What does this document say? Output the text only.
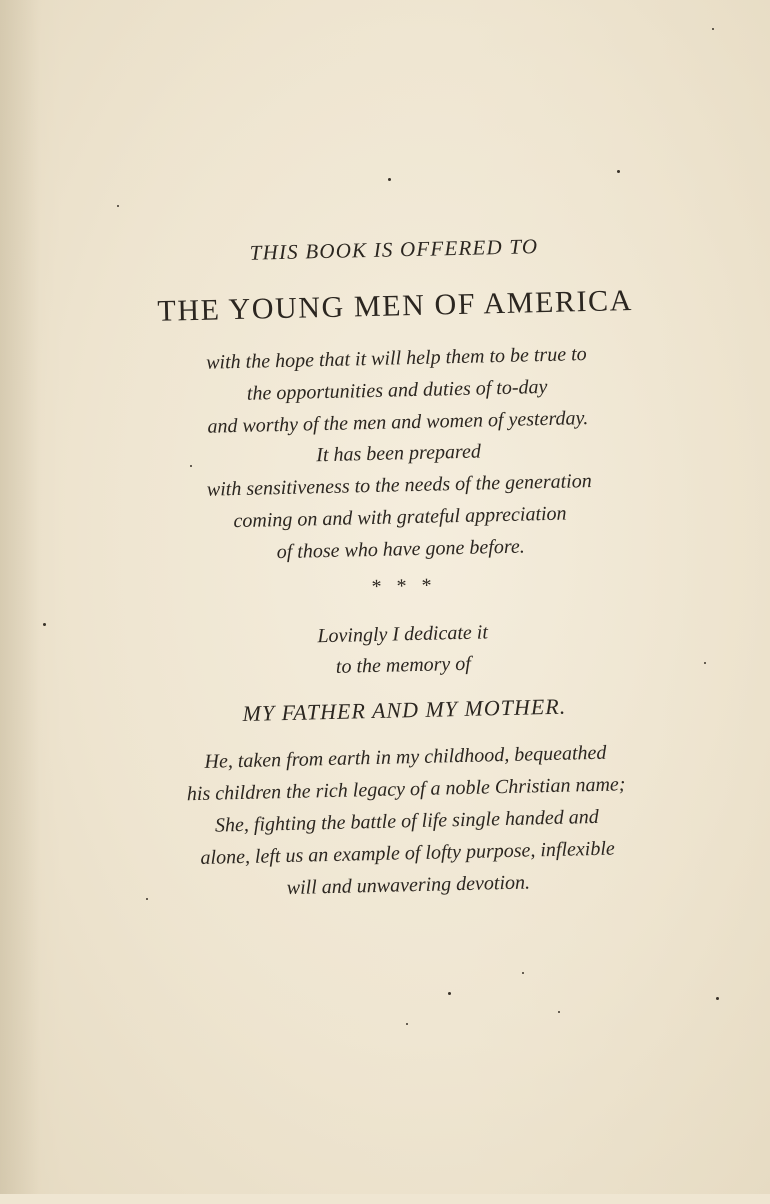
THIS BOOK IS OFFERED TO
THE YOUNG MEN OF AMERICA
with the hope that it will help them to be true to
the opportunities and duties of to-day
and worthy of the men and women of yesterday.
It has been prepared
with sensitiveness to the needs of the generation
coming on and with grateful appreciation
of those who have gone before.
*   *   *
Lovingly I dedicate it
to the memory of
MY FATHER AND MY MOTHER.
He, taken from earth in my childhood, bequeathed
his children the rich legacy of a noble Christian name;
She, fighting the battle of life single handed and
alone, left us an example of lofty purpose, inflexible
will and unwavering devotion.
